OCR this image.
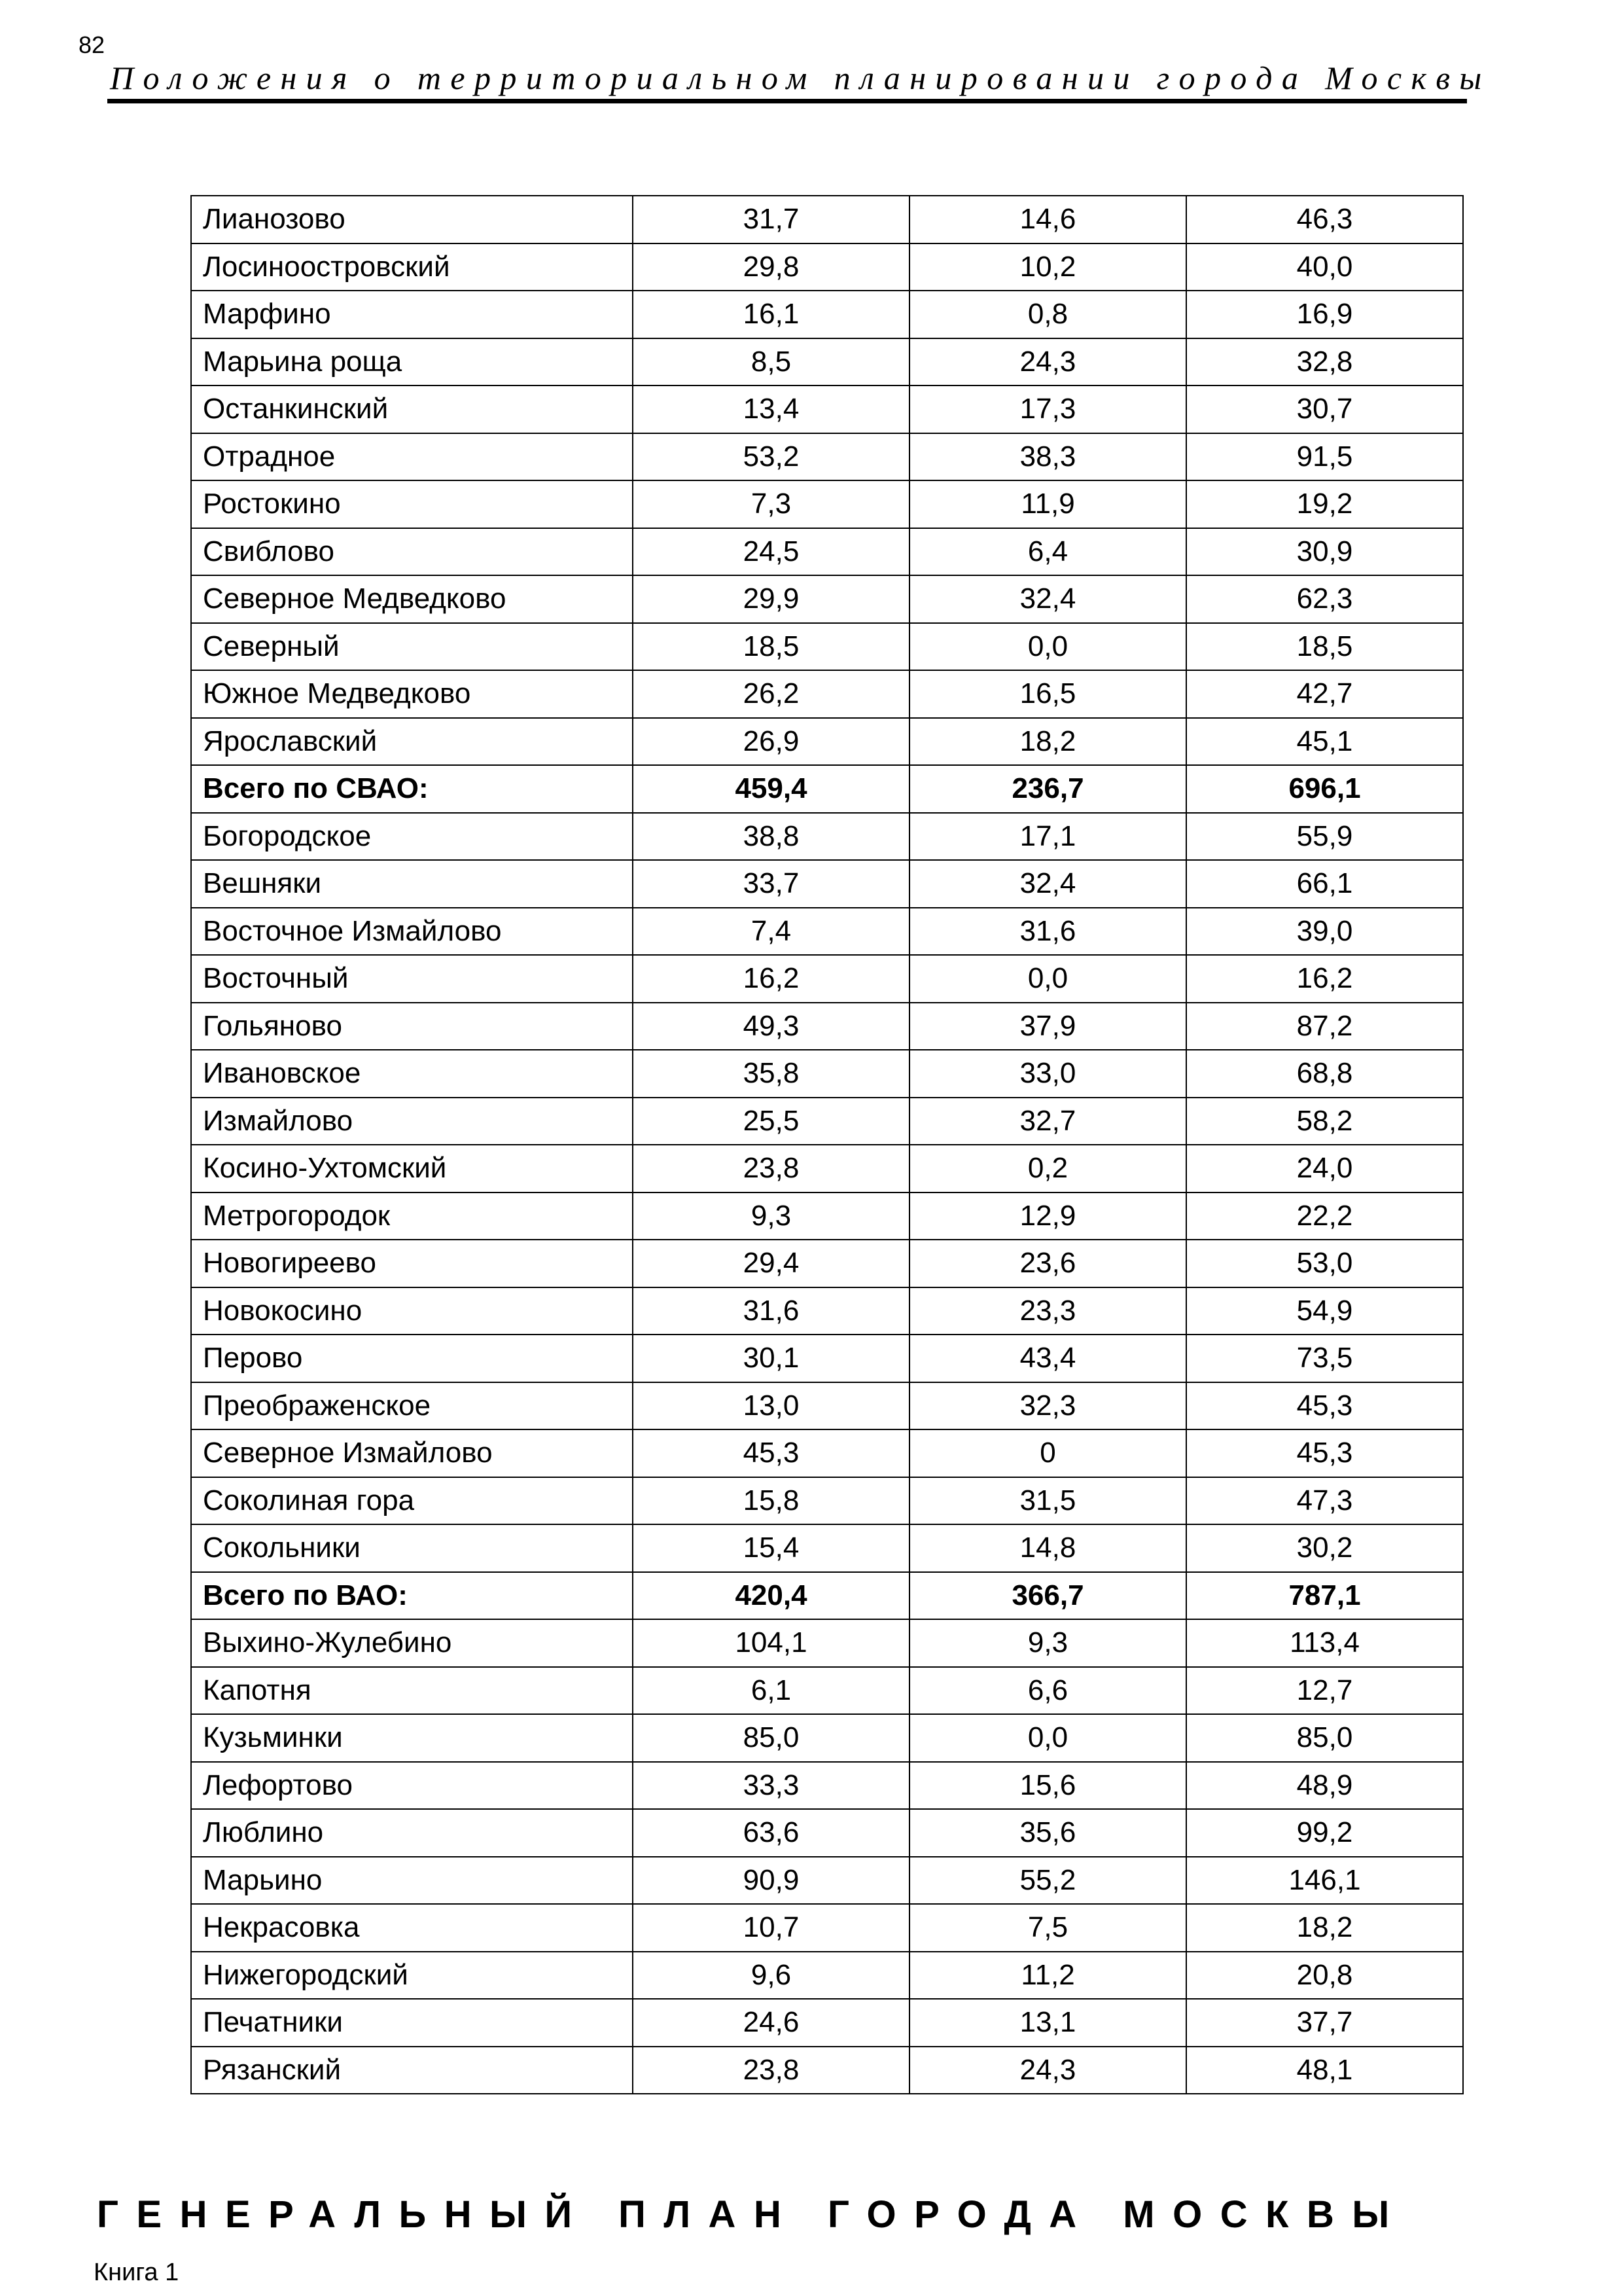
82
Положения о территориальном планировании города Москвы
Лианозово	31,7	14,6	46,3
Лосиноостровский	29,8	10,2	40,0
Марфино	16,1	0,8	16,9
Марьина роща	8,5	24,3	32,8
Останкинский	13,4	17,3	30,7
Отрадное	53,2	38,3	91,5
Ростокино	7,3	11,9	19,2
Свиблово	24,5	6,4	30,9
Северное Медведково	29,9	32,4	62,3
Северный	18,5	0,0	18,5
Южное Медведково	26,2	16,5	42,7
Ярославский	26,9	18,2	45,1
Всего по СВАО:	459,4	236,7	696,1
Богородское	38,8	17,1	55,9
Вешняки	33,7	32,4	66,1
Восточное Измайлово	7,4	31,6	39,0
Восточный	16,2	0,0	16,2
Гольяново	49,3	37,9	87,2
Ивановское	35,8	33,0	68,8
Измайлово	25,5	32,7	58,2
Косино-Ухтомский	23,8	0,2	24,0
Метрогородок	9,3	12,9	22,2
Новогиреево	29,4	23,6	53,0
Новокосино	31,6	23,3	54,9
Перово	30,1	43,4	73,5
Преображенское	13,0	32,3	45,3
Северное Измайлово	45,3	0	45,3
Соколиная гора	15,8	31,5	47,3
Сокольники	15,4	14,8	30,2
Всего по ВАО:	420,4	366,7	787,1
Выхино-Жулебино	104,1	9,3	113,4
Капотня	6,1	6,6	12,7
Кузьминки	85,0	0,0	85,0
Лефортово	33,3	15,6	48,9
Люблино	63,6	35,6	99,2
Марьино	90,9	55,2	146,1
Некрасовка	10,7	7,5	18,2
Нижегородский	9,6	11,2	20,8
Печатники	24,6	13,1	37,7
Рязанский	23,8	24,3	48,1
ГЕНЕРАЛЬНЫЙ ПЛАН ГОРОДА МОСКВЫ
Книга 1
